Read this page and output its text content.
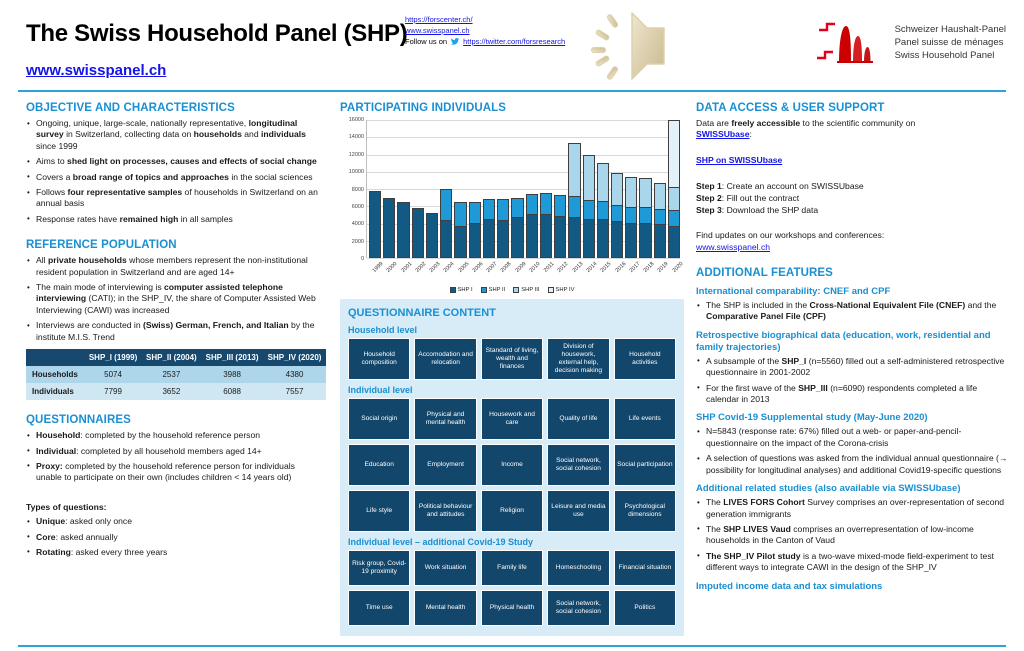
The Swiss Household Panel (SHP)
www.swisspanel.ch
https://forscenter.ch/
www.swisspanel.ch
Follow us on https://twitter.com/forsresearch
Schweizer Haushalt-Panel
Panel suisse de ménages
Swiss Household Panel
OBJECTIVE AND CHARACTERISTICS
• Ongoing, unique, large-scale, nationally representative, longitudinal survey in Switzerland, collecting data on households and individuals since 1999
• Aims to shed light on processes, causes and effects of social change
• Covers a broad range of topics and approaches in the social sciences
• Follows four representative samples of households in Switzerland on an annual basis
• Response rates have remained high in all samples
REFERENCE POPULATION
• All private households whose members represent the non-institutional resident population in Switzerland and are aged 14+
• The main mode of interviewing is computer assisted telephone interviewing (CATI); in the SHP_IV, the share of Computer Assisted Web Interviewing (CAWI) was increased
• Interviews are conducted in (Swiss) German, French, and Italian by the institute M.I.S. Trend
	SHP_I (1999)	SHP_II (2004)	SHP_III (2013)	SHP_IV (2020)
Households	5074	2537	3988	4380
Individuals	7799	3652	6088	7557
QUESTIONNAIRES
• Household: completed by the household reference person
• Individual: completed by all household members aged 14+
• Proxy: completed by the household reference person for individuals unable to participate on their own (includes children < 14 years old)
Types of questions:
• Unique: asked only once
• Core: asked annually
• Rotating: asked every three years
PARTICIPATING INDIVIDUALS
0
2000
4000
6000
8000
10000
12000
14000
16000
1999 2000 2001 2002 2003 2004 2005 2006 2007 2008 2009 2010 2011 2012 2013 2014 2015 2016 2017 2018 2019 2020
SHP I	SHP II	SHP III	SHP IV
QUESTIONNAIRE CONTENT
Household level
Household composition
Accomodation and relocation
Standard of living, wealth and finances
Division of housework, external help, decision making
Household activities
Individual level
Social origin
Physical and mental health
Housework and care
Quality of life	Life events
Education	Employment	Income
Social network, social cohesion
Social participation
Life style
Political behaviour and attitudes
Religion
Leisure and media use
Psychological dimensions
Individual level – additional Covid-19 Study
Risk group, Covid-19 proximity
Work situation	Family life	Homeschooling	Financial situation
Time use	Mental health	Physical health
Social network, social cohesion
Politics
DATA ACCESS & USER SUPPORT
Data are freely accessible to the scientific community on
SWISSUbase:
SHP on SWISSUbase
Step 1: Create an account on SWISSUbase
Step 2: Fill out the contract
Step 3: Download the SHP data
Find updates on our workshops and conferences:
www.swisspanel.ch
ADDITIONAL FEATURES
International comparability: CNEF and CPF
• The SHP is included in the Cross-National Equivalent File (CNEF) and the Comparative Panel File (CPF)
Retrospective biographical data (education, work, residential and family trajectories)
• A subsample of the SHP_I (n=5560) filled out a self-administered retrospective questionnaire in 2001-2002
• For the first wave of the SHP_III (n=6090) respondents completed a life calendar in 2013
SHP Covid-19 Supplemental study (May-June 2020)
• N=5843 (response rate: 67%) filled out a web- or paper-and-pencil-questionnaire on the impact of the Corona-crisis
• A selection of questions was asked from the individual annual questionnaire (→ possibility for longitudinal analyses) and additional Covid19-specific questions
Additional related studies (also available via SWISSUbase)
• The LIVES FORS Cohort Survey comprises an over-representation of second generation immigrants
• The SHP LIVES Vaud comprises an overrepresentation of low-income households in the Canton of Vaud
• The SHP_IV Pilot study is a two-wave mixed-mode field-experiment to test different ways to integrate CAWI in the design of the SHP_IV
Imputed income data and tax simulations
